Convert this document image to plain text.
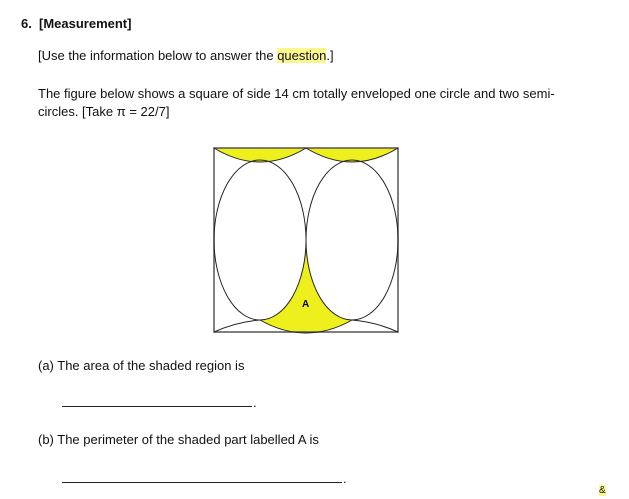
6. [Measurement]
[Use the information below to answer the question.]
The figure below shows a square of side 14 cm totally enveloped one circle and two semi-
circles. [Take π = 22/7]
A
(a) The area of the shaded region is
.
(b) The perimeter of the shaded part labelled A is
.
&
